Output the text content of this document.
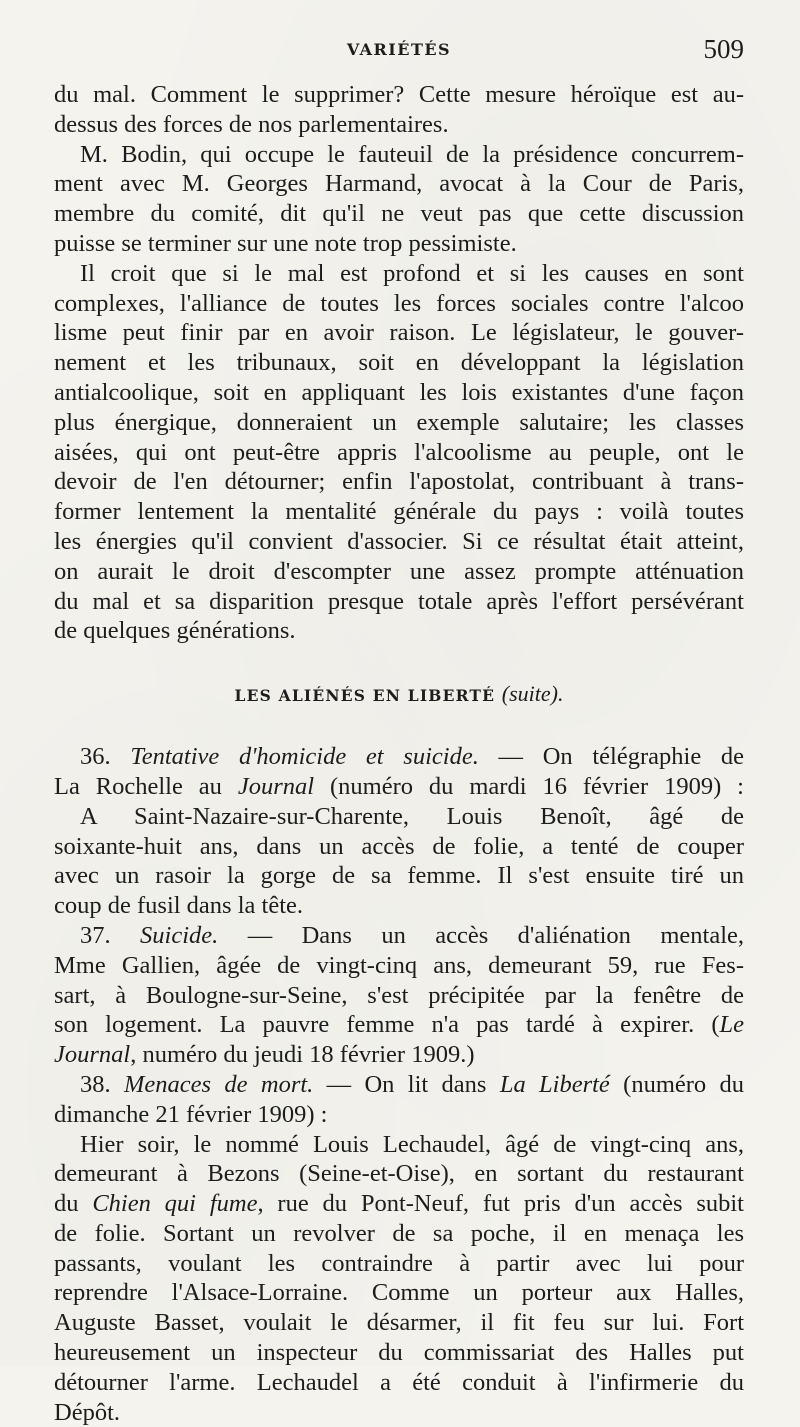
VARIÉTÉS	509
du mal. Comment le supprimer? Cette mesure héroïque est au-
dessus des forces de nos parlementaires.
M. Bodin, qui occupe le fauteuil de la présidence concurrem-
ment avec M. Georges Harmand, avocat à la Cour de Paris,
membre du comité, dit qu'il ne veut pas que cette discussion
puisse se terminer sur une note trop pessimiste.
Il croit que si le mal est profond et si les causes en sont
complexes, l'alliance de toutes les forces sociales contre l'alcoo
lisme peut finir par en avoir raison. Le législateur, le gouver-
nement et les tribunaux, soit en développant la législation
antialcoolique, soit en appliquant les lois existantes d'une façon
plus énergique, donneraient un exemple salutaire; les classes
aisées, qui ont peut-être appris l'alcoolisme au peuple, ont le
devoir de l'en détourner; enfin l'apostolat, contribuant à trans-
former lentement la mentalité générale du pays : voilà toutes
les énergies qu'il convient d'associer. Si ce résultat était atteint,
on aurait le droit d'escompter une assez prompte atténuation
du mal et sa disparition presque totale après l'effort persévérant
de quelques générations.
LES ALIÉNÉS EN LIBERTÉ (suite).
36. Tentative d'homicide et suicide. — On télégraphie de
La Rochelle au Journal (numéro du mardi 16 février 1909) :
A Saint-Nazaire-sur-Charente, Louis Benoît, âgé de
soixante-huit ans, dans un accès de folie, a tenté de couper
avec un rasoir la gorge de sa femme. Il s'est ensuite tiré un
coup de fusil dans la tête.
37. Suicide. — Dans un accès d'aliénation mentale,
Mme Gallien, âgée de vingt-cinq ans, demeurant 59, rue Fes-
sart, à Boulogne-sur-Seine, s'est précipitée par la fenêtre de
son logement. La pauvre femme n'a pas tardé à expirer. (Le
Journal, numéro du jeudi 18 février 1909.)
38. Menaces de mort. — On lit dans La Liberté (numéro du
dimanche 21 février 1909) :
Hier soir, le nommé Louis Lechaudel, âgé de vingt-cinq ans,
demeurant à Bezons (Seine-et-Oise), en sortant du restaurant
du Chien qui fume, rue du Pont-Neuf, fut pris d'un accès subit
de folie. Sortant un revolver de sa poche, il en menaça les
passants, voulant les contraindre à partir avec lui pour
reprendre l'Alsace-Lorraine. Comme un porteur aux Halles,
Auguste Basset, voulait le désarmer, il fit feu sur lui. Fort
heureusement un inspecteur du commissariat des Halles put
détourner l'arme. Lechaudel a été conduit à l'infirmerie du
Dépôt.
